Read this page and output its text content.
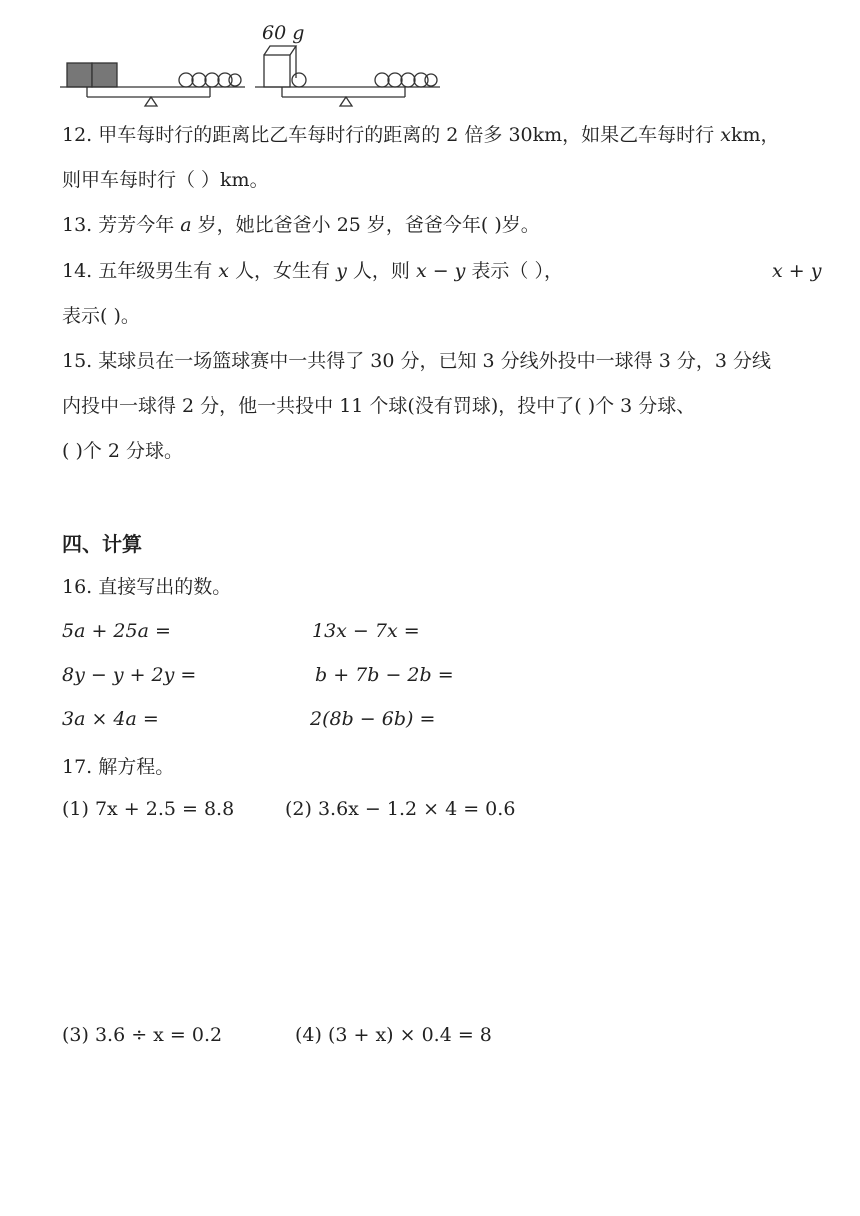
60 g
12. 甲车每时行的距离比乙车每时行的距离的 2 倍多 30km，如果乙车每时行 xkm，
则甲车每时行（ ）km。
13. 芳芳今年 a 岁，她比爸爸小 25 岁，爸爸今年( )岁。
14. 五年级男生有 x 人，女生有 y 人，则 x − y 表示（ ），	x + y
表示( )。
15. 某球员在一场篮球赛中一共得了 30 分，已知 3 分线外投中一球得 3 分，3 分线
内投中一球得 2 分，他一共投中 11 个球(没有罚球)，投中了( )个 3 分球、
( )个 2 分球。
四、计算
16. 直接写出的数。
5a + 25a =	13x − 7x =
8y − y + 2y =	b + 7b − 2b =
3a × 4a =	2(8b − 6b) =
17. 解方程。
(1) 7x + 2.5 = 8.8	(2) 3.6x − 1.2 × 4 = 0.6
(3) 3.6 ÷ x = 0.2	(4) (3 + x) × 0.4 = 8
